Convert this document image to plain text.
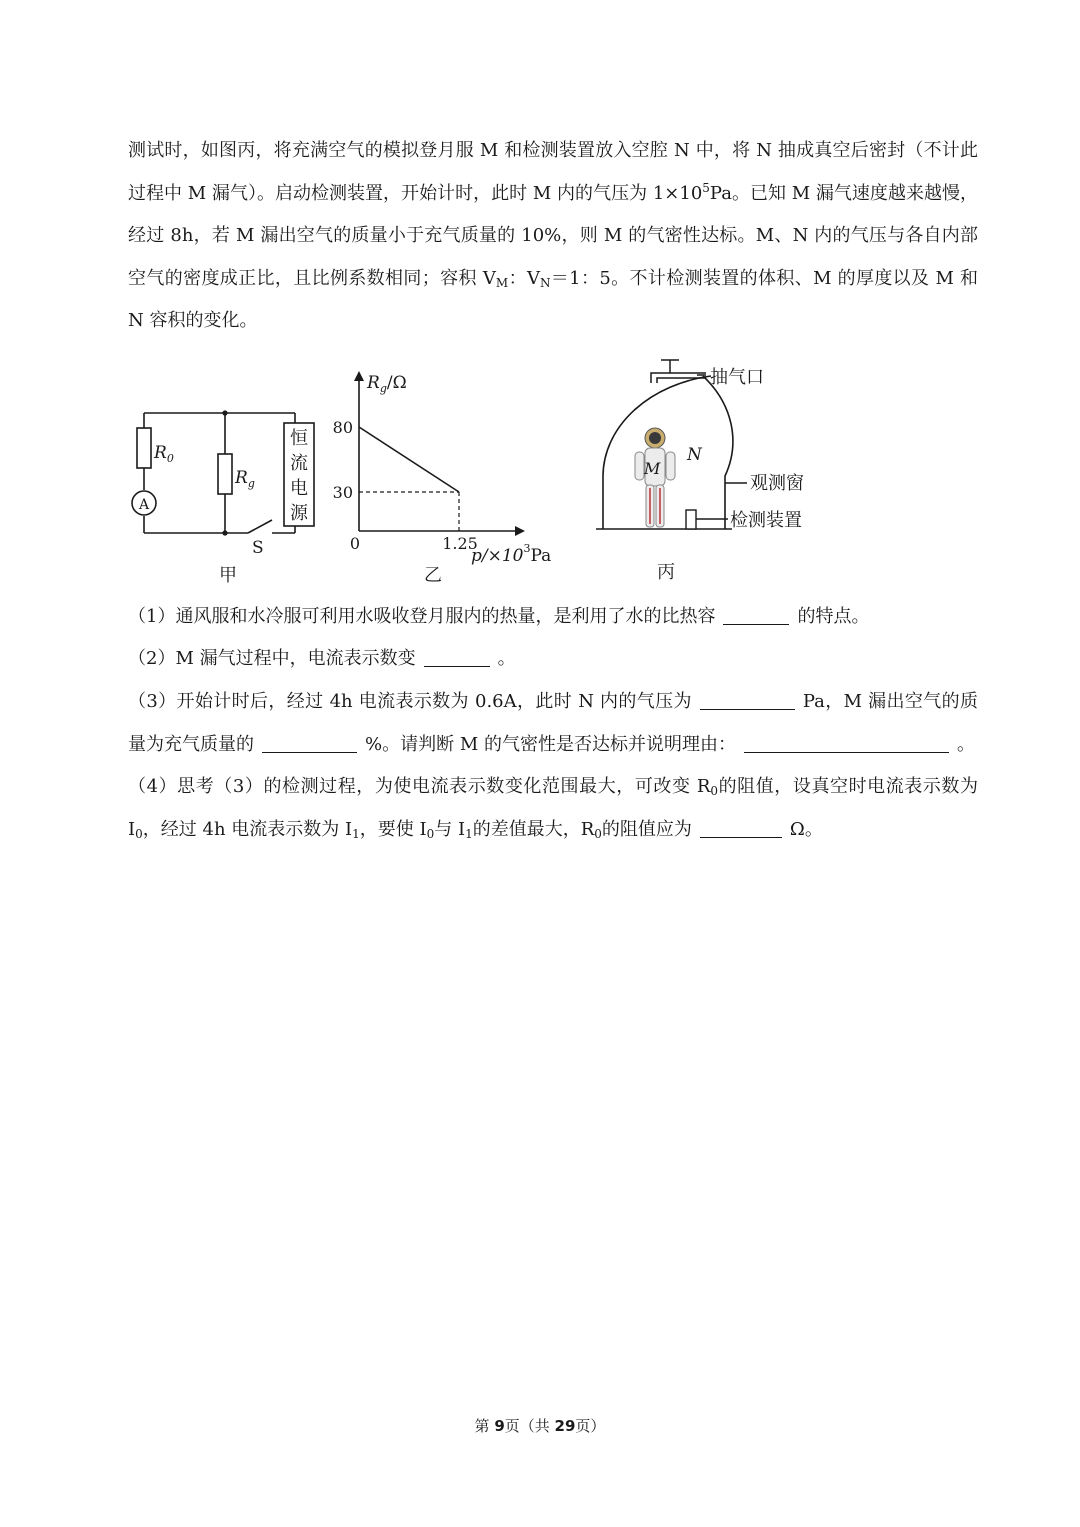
测试时，如图丙，将充满空气的模拟登月服 M 和检测装置放入空腔 N 中，将 N 抽成真空后密封（不计此过程中 M 漏气）。启动检测装置，开始计时，此时 M 内的气压为 $1\times 10^5Pa$。已知 M 漏气速度越来越慢，经过 8h，若 M 漏出空气的质量小于充气质量的 10%，则 M 的气密性达标。M、N 内的气压与各自内部空气的密度成正比，且比例系数相同；容积 $V_M$：$V_N=1$：5。不计检测装置的体积、M 的厚度以及 M 和 N 容积的变化。

$R_0$
$R_g$
A
S
恒
流
电
源
甲
$R_g/\Omega$
80
30
0	1.25
$p/\times 10^3Pa$
乙
抽气口
M
N
观测窗
检测装置
丙

（1）通风服和水冷服可利用水吸收登月服内的热量，是利用了水的比热容	的特点。

（2）M 漏气过程中，电流表示数变	。

（3）开始计时后，经过 4h 电流表示数为 0.6A，此时 N 内的气压为	Pa，M 漏出空气的质量为充气质量的	%。请判断 M 的气密性是否达标并说明理由：	。

（4）思考（3）的检测过程，为使电流表示数变化范围最大，可改变 $R_0$的阻值，设真空时电流表示数为 $I_0$，经过 4h 电流表示数为 $I_1$，要使 $I_0$与 $I_1$的差值最大，$R_0$的阻值应为	Ω。

第 9页（共 29页）
